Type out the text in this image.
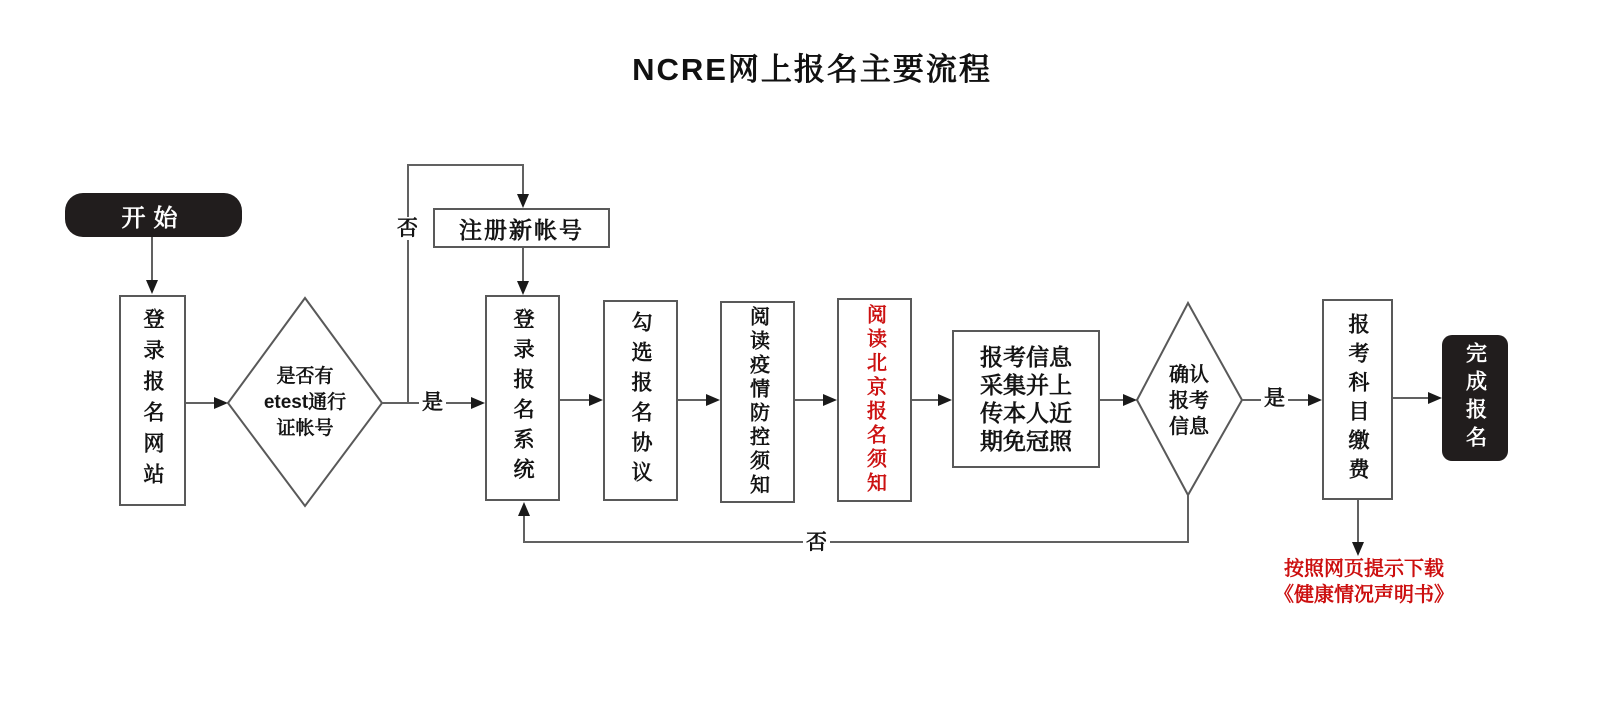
NCRE网上报名主要流程
开始
登录报名网站
注册新帐号
登录报名系统	勾选报名协议	阅读疫情防控须知	阅读北京报名须知	报考信息
采集并上
传本人近
期免冠照	报考科目缴费
是否有
etest通行
证帐号
确认
报考
信息	完成报名
是
否
是
否
按照网页提示下载
《健康情况声明书》
